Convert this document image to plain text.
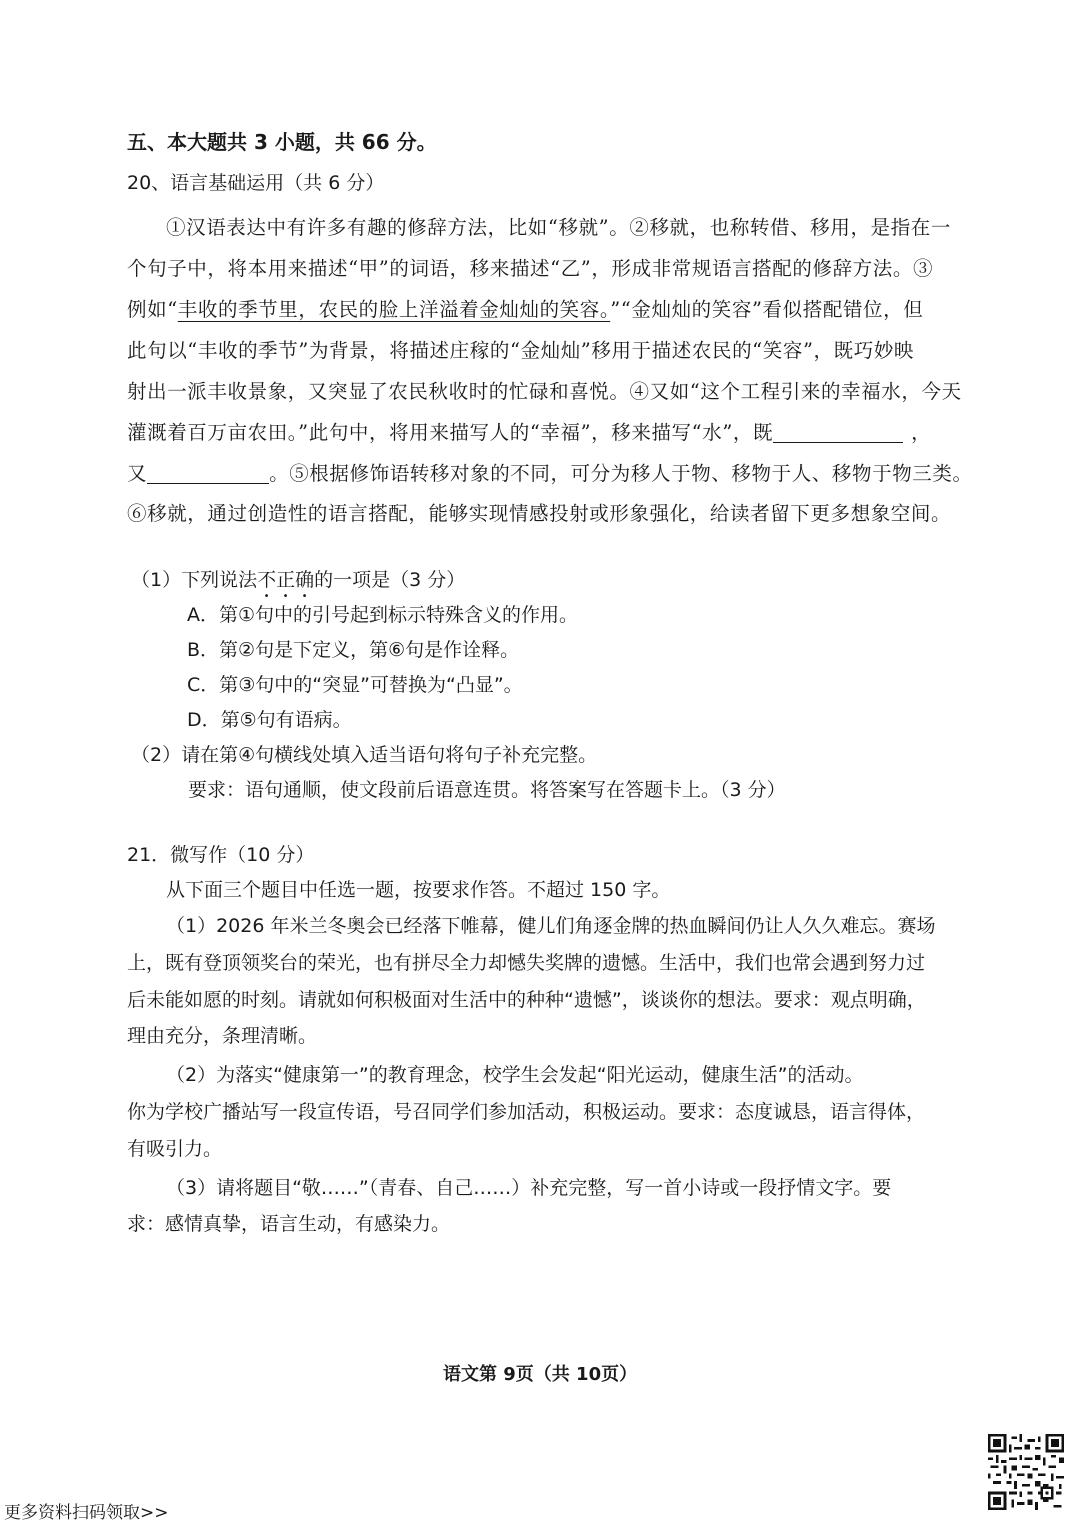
五、本大题共 3 小题，共 66 分。
20、语言基础运用（共 6 分）
①汉语表达中有许多有趣的修辞方法，比如“移就”。②移就，也称转借、移用，是指在一
个句子中，将本用来描述“甲”的词语，移来描述“乙”，形成非常规语言搭配的修辞方法。③
例如“丰收的季节里，农民的脸上洋溢着金灿灿的笑容。”“金灿灿的笑容”看似搭配错位，但
此句以“丰收的季节”为背景，将描述庄稼的“金灿灿”移用于描述农民的“笑容”，既巧妙映
射出一派丰收景象，又突显了农民秋收时的忙碌和喜悦。④又如“这个工程引来的幸福水，今天
灌溉着百万亩农田。”此句中，将用来描写人的“幸福”，移来描写“水”，既	，
又	。⑤根据修饰语转移对象的不同，可分为移人于物、移物于人、移物于物三类。
⑥移就，通过创造性的语言搭配，能够实现情感投射或形象强化，给读者留下更多想象空间。
（1）下列说法不正确的一项是（3 分）
A．第①句中的引号起到标示特殊含义的作用。
B．第②句是下定义，第⑥句是作诠释。
C．第③句中的“突显”可替换为“凸显”。
D．第⑤句有语病。
（2）请在第④句横线处填入适当语句将句子补充完整。
要求：语句通顺，使文段前后语意连贯。将答案写在答题卡上。（3 分）
21．微写作（10 分）
从下面三个题目中任选一题，按要求作答。不超过 150 字。
（1）2026 年米兰冬奥会已经落下帷幕，健儿们角逐金牌的热血瞬间仍让人久久难忘。赛场
上，既有登顶领奖台的荣光，也有拼尽全力却憾失奖牌的遗憾。生活中，我们也常会遇到努力过
后未能如愿的时刻。请就如何积极面对生活中的种种“遗憾”，谈谈你的想法。要求：观点明确，
理由充分，条理清晰。
（2）为落实“健康第一”的教育理念，校学生会发起“阳光运动，健康生活”的活动。
你为学校广播站写一段宣传语，号召同学们参加活动，积极运动。要求：态度诚恳，语言得体，
有吸引力。
（3）请将题目“敬……”（青春、自己……）补充完整，写一首小诗或一段抒情文字。要
求：感情真挚，语言生动，有感染力。
语文第 9页（共 10页）
更多资料扫码领取>>
